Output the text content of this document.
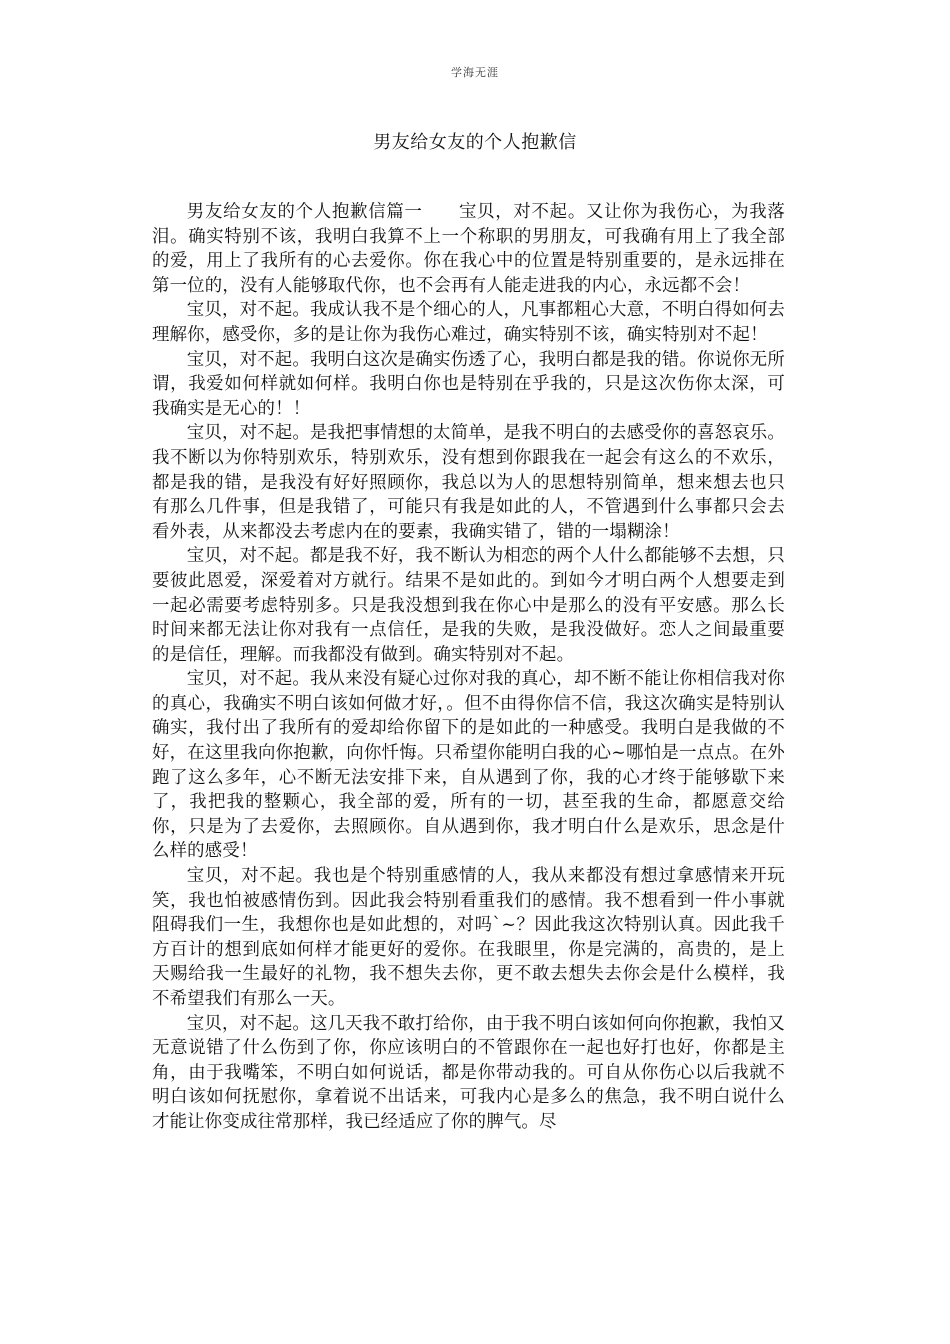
学海无涯
男友给女友的个人抱歉信

男友给女友的个人抱歉信篇一　　宝贝，对不起。又让你为我伤心，为我落泪。确实特别不该，我明白我算不上一个称职的男朋友，可我确有用上了我全部的爱，用上了我所有的心去爱你。你在我心中的位置是特别重要的，是永远排在第一位的，没有人能够取代你，也不会再有人能走进我的内心，永远都不会！

宝贝，对不起。我成认我不是个细心的人，凡事都粗心大意，不明白得如何去理解你，感受你，多的是让你为我伤心难过，确实特别不该，确实特别对不起！

宝贝，对不起。我明白这次是确实伤透了心，我明白都是我的错。你说你无所谓，我爱如何样就如何样。我明白你也是特别在乎我的，只是这次伤你太深，可我确实是无心的！！

宝贝，对不起。是我把事情想的太简单，是我不明白的去感受你的喜怒哀乐。我不断以为你特别欢乐，特别欢乐，没有想到你跟我在一起会有这么的不欢乐，都是我的错，是我没有好好照顾你，我总以为人的思想特别简单，想来想去也只有那么几件事，但是我错了，可能只有我是如此的人，不管遇到什么事都只会去看外表，从来都没去考虑内在的要素，我确实错了，错的一塌糊涂！

宝贝，对不起。都是我不好，我不断认为相恋的两个人什么都能够不去想，只要彼此恩爱，深爱着对方就行。结果不是如此的。到如今才明白两个人想要走到一起必需要考虑特别多。只是我没想到我在你心中是那么的没有平安感。那么长时间来都无法让你对我有一点信任，是我的失败，是我没做好。恋人之间最重要的是信任，理解。而我都没有做到。确实特别对不起。

宝贝，对不起。我从来没有疑心过你对我的真心，却不断不能让你相信我对你的真心，我确实不明白该如何做才好，。但不由得你信不信，我这次确实是特别认确实，我付出了我所有的爱却给你留下的是如此的一种感受。我明白是我做的不好，在这里我向你抱歉，向你忏悔。只希望你能明白我的心~哪怕是一点点。在外跑了这么多年，心不断无法安排下来，自从遇到了你，我的心才终于能够歇下来了，我把我的整颗心，我全部的爱，所有的一切，甚至我的生命，都愿意交给你，只是为了去爱你，去照顾你。自从遇到你，我才明白什么是欢乐，思念是什么样的感受！

宝贝，对不起。我也是个特别重感情的人，我从来都没有想过拿感情来开玩笑，我也怕被感情伤到。因此我会特别看重我们的感情。我不想看到一件小事就阻碍我们一生，我想你也是如此想的，对吗`~？因此我这次特别认真。因此我千方百计的想到底如何样才能更好的爱你。在我眼里，你是完满的，高贵的，是上天赐给我一生最好的礼物，我不想失去你，更不敢去想失去你会是什么模样，我不希望我们有那么一天。

宝贝，对不起。这几天我不敢打给你，由于我不明白该如何向你抱歉，我怕又无意说错了什么伤到了你，你应该明白的不管跟你在一起也好打也好，你都是主角，由于我嘴笨，不明白如何说话，都是你带动我的。可自从你伤心以后我就不明白该如何抚慰你，拿着说不出话来，可我内心是多么的焦急，我不明白说什么才能让你变成往常那样，我已经适应了你的脾气。尽
